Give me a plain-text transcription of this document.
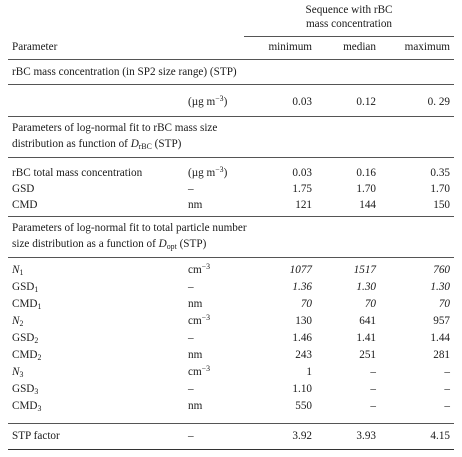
Sequence with rBC
mass concentration
Parameter	minimum	median	maximum
rBC mass concentration (in SP2 size range) (STP)
(µg $m^{-3}$)	0.03	0.12	0. 29
Parameters of log-normal fit to rBC mass size
distribution as function of $D_{rBC}$ (STP)
rBC total mass concentration	(µg $m^{-3}$)	0.03	0.16	0.35
GSD	–	1.75	1.70	1.70
CMD	nm	121	144	150
Parameters of log-normal fit to total particle number
size distribution as a function of $D_{opt}$ (STP)
$N_1$	$cm^{-3}$	1077	1517	760
$GSD_1$	–	1.36	1.30	1.30
$CMD_1$	nm	70	70	70
$N_2$	$cm^{-3}$	130	641	957
$GSD_2$	–	1.46	1.41	1.44
$CMD_2$	nm	243	251	281
$N_3$	$cm^{-3}$	1	–	–
$GSD_3$	–	1.10	–	–
$CMD_3$	nm	550	–	–
STP factor	–	3.92	3.93	4.15
